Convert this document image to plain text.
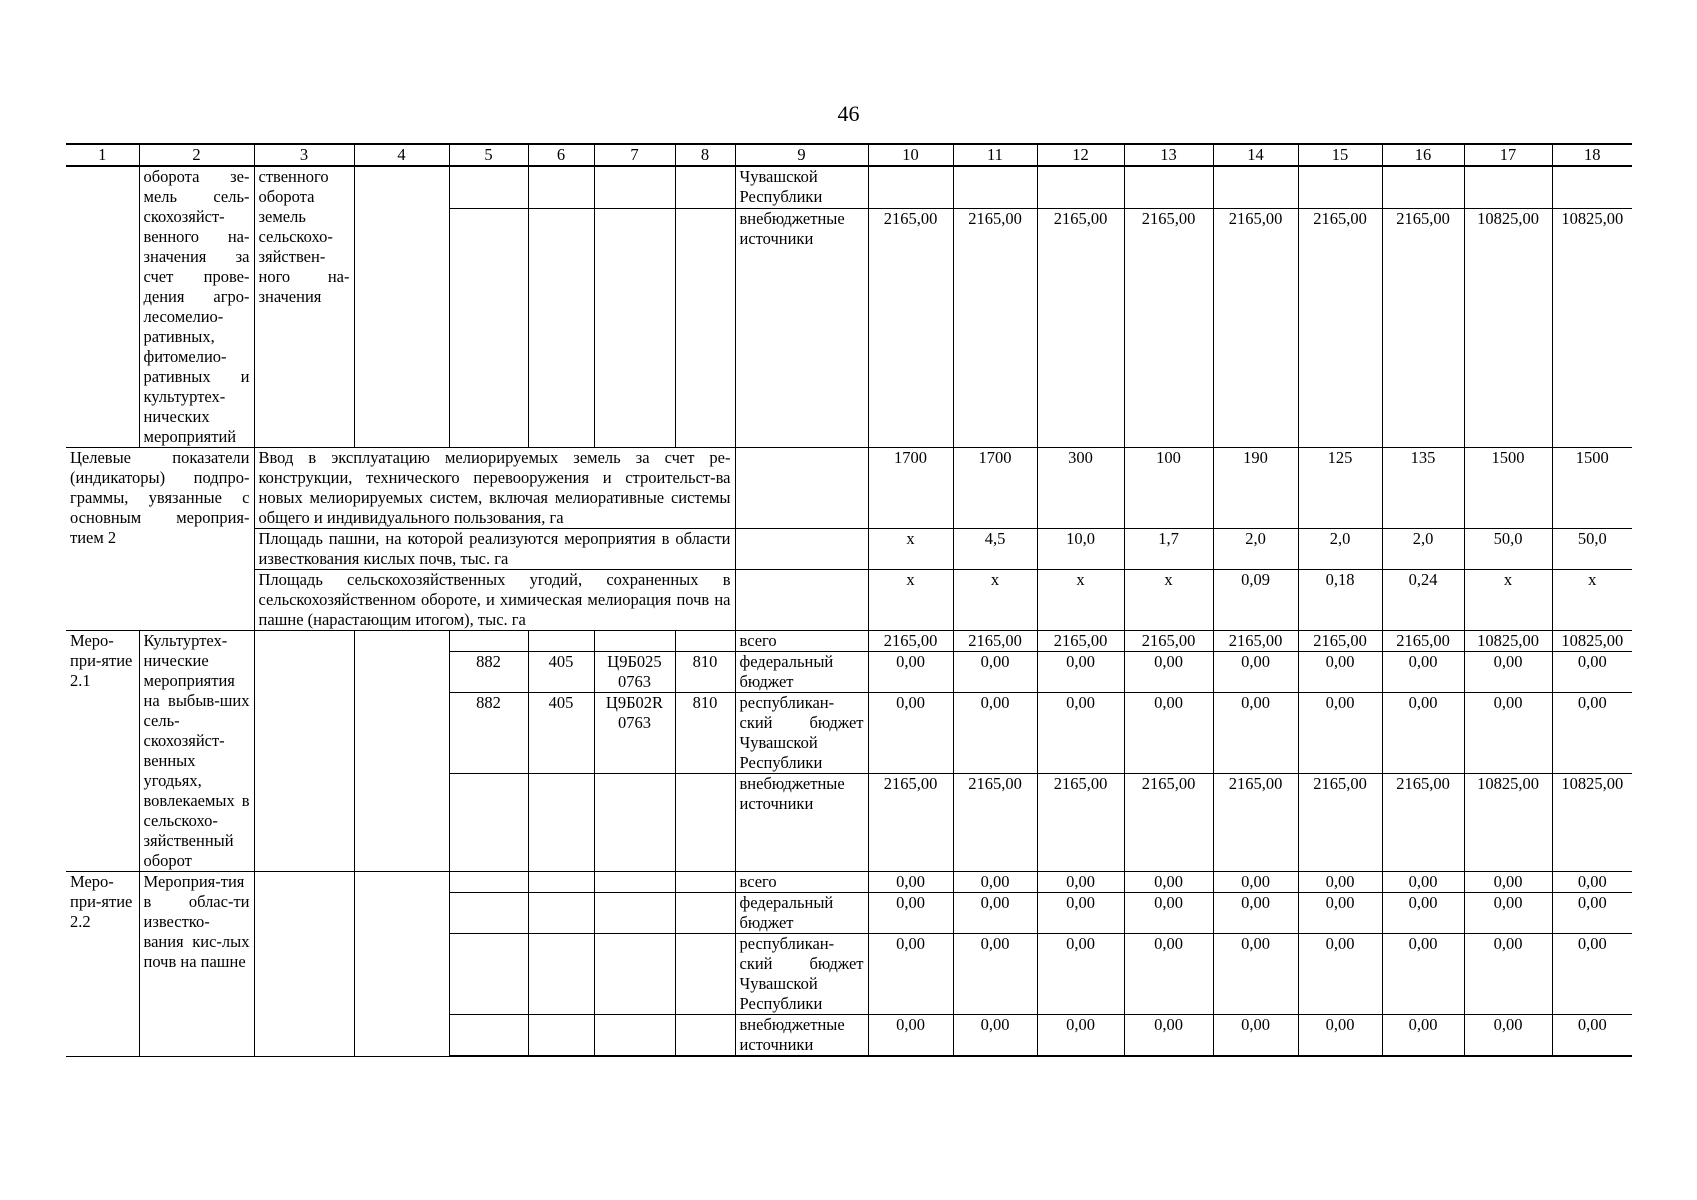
46
1	2	3	4	5	6	7	8	9	10	11	12	13	14	15	16	17	18
	оборота зе-мель сель-скохозяйст-венного на-значения за счет прове-дения агро-лесомелио-ративных, фитомелио-ративных и культуртех-нических мероприятий	ственного оборота земель сельскохо-зяйствен-ного на-значения						Чувашской Республики									
								внебюджетные источники	2165,00	2165,00	2165,00	2165,00	2165,00	2165,00	2165,00	10825,00	10825,00
Целевые показатели (индикаторы) подпро-граммы, увязанные с основным мероприя-тием 2		Ввод в эксплуатацию мелиорируемых земель за счет ре-конструкции, технического перевооружения и строительст-ва новых мелиорируемых систем, включая мелиоративные системы общего и индивидуального пользования, га							1700	1700	300	100	190	125	135	1500	1500
		Площадь пашни, на которой реализуются мероприятия в области известкования кислых почв, тыс. га							х	4,5	10,0	1,7	2,0	2,0	2,0	50,0	50,0
		Площадь сельскохозяйственных угодий, сохраненных в сельскохозяйственном обороте, и химическая мелиорация почв на пашне (нарастающим итогом), тыс. га							х	х	х	х	0,09	0,18	0,24	х	х
Меро-при-ятие 2.1	Культуртех-нические мероприятия на выбыв-ших сель-скохозяйст-венных угодьях, вовлекаемых в сельскохо-зяйственный оборот							всего	2165,00	2165,00	2165,00	2165,00	2165,00	2165,00	2165,00	10825,00	10825,00
				882	405	Ц9Б025 0763	810	федеральный бюджет	0,00	0,00	0,00	0,00	0,00	0,00	0,00	0,00	0,00
				882	405	Ц9Б02R 0763	810	республикан-ский бюджет Чувашской Республики	0,00	0,00	0,00	0,00	0,00	0,00	0,00	0,00	0,00
								внебюджетные источники	2165,00	2165,00	2165,00	2165,00	2165,00	2165,00	2165,00	10825,00	10825,00
Меро-при-ятие 2.2	Мероприя-тия в облас-ти известко-вания кис-лых почв на пашне							всего	0,00	0,00	0,00	0,00	0,00	0,00	0,00	0,00	0,00
								федеральный бюджет	0,00	0,00	0,00	0,00	0,00	0,00	0,00	0,00	0,00
								республикан-ский бюджет Чувашской Республики	0,00	0,00	0,00	0,00	0,00	0,00	0,00	0,00	0,00
								внебюджетные источники	0,00	0,00	0,00	0,00	0,00	0,00	0,00	0,00	0,00
